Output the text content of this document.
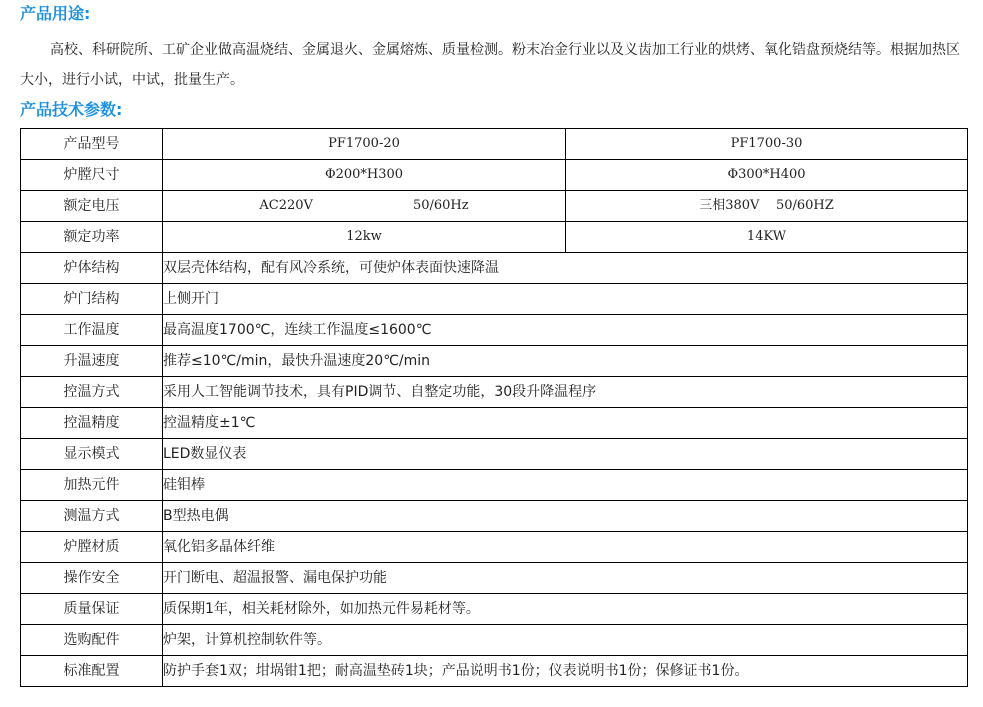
产品用途:

高校、科研院所、工矿企业做高温烧结、金属退火、金属熔炼、质量检测。粉末冶金行业以及义齿加工行业的烘烤、氧化锆盘预烧结等。根据加热区大小，进行小试，中试，批量生产。

产品技术参数:
产品型号	PF1700-20	PF1700-30
炉膛尺寸	Φ200*H300	Φ300*H400
额定电压	AC220V 50/60Hz	三相380V 50/60HZ
额定功率	12kw	14KW
炉体结构	双层壳体结构，配有风冷系统，可使炉体表面快速降温	
炉门结构	上侧开门	
工作温度	最高温度1700℃，连续工作温度≤1600℃	
升温速度	推荐≤10℃/min，最快升温速度20℃/min	
控温方式	采用人工智能调节技术，具有PID调节、自整定功能，30段升降温程序	
控温精度	控温精度±1℃	
显示模式	LED数显仪表	
加热元件	硅钼棒	
测温方式	B型热电偶	
炉膛材质	氧化铝多晶体纤维	
操作安全	开门断电、超温报警、漏电保护功能	
质量保证	质保期1年，相关耗材除外，如加热元件易耗材等。	
选购配件	炉架，计算机控制软件等。	
标准配置	防护手套1双；坩埚钳1把；耐高温垫砖1块；产品说明书1份；仪表说明书1份；保修证书1份。	
